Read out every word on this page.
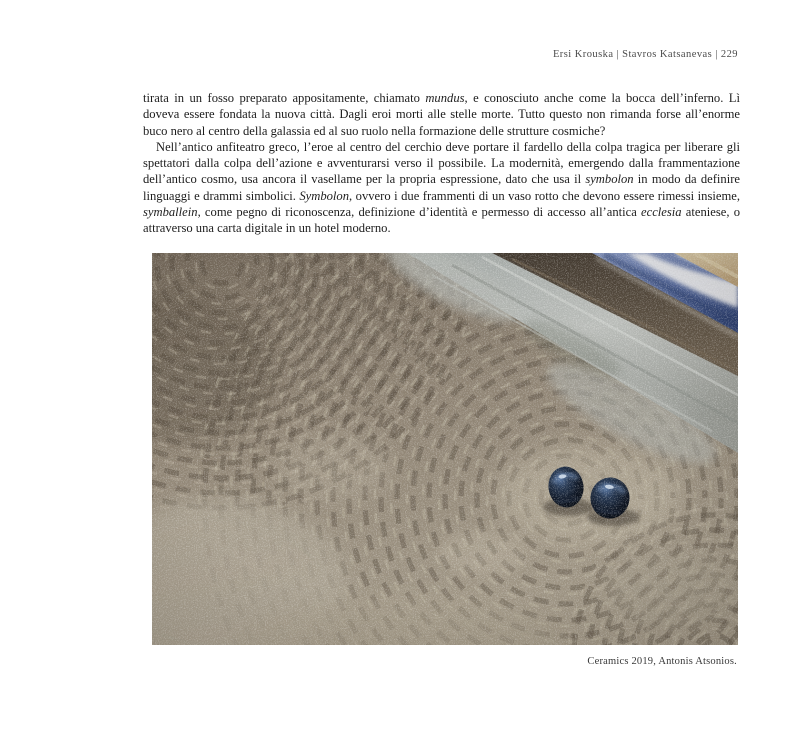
Ersi Krouska | Stavros Katsanevas | 229

tirata in un fosso preparato appositamente, chiamato mundus, e conosciuto anche come la bocca dell’inferno. Lì doveva essere fondata la nuova città. Dagli eroi morti alle stelle morte. Tutto questo non rimanda forse all’enorme buco nero al centro della galassia ed al suo ruolo nella formazione delle strutture cosmiche?

Nell’antico anfiteatro greco, l’eroe al centro del cerchio deve portare il fardello della colpa tragica per liberare gli spettatori dalla colpa dell’azione e avventurarsi verso il possibile. La modernità, emergendo dalla frammentazione dell’antico cosmo, usa ancora il vasellame per la propria espressione, dato che usa il symbolon in modo da definire linguaggi e drammi simbolici. Symbolon, ovvero i due frammenti di un vaso rotto che devono essere rimessi insieme, symballein, come pegno di riconoscenza, definizione d’identità e permesso di accesso all’antica ecclesia ateniese, o attraverso una carta digitale in un hotel moderno.

Ceramics 2019, Antonis Atsonios.
